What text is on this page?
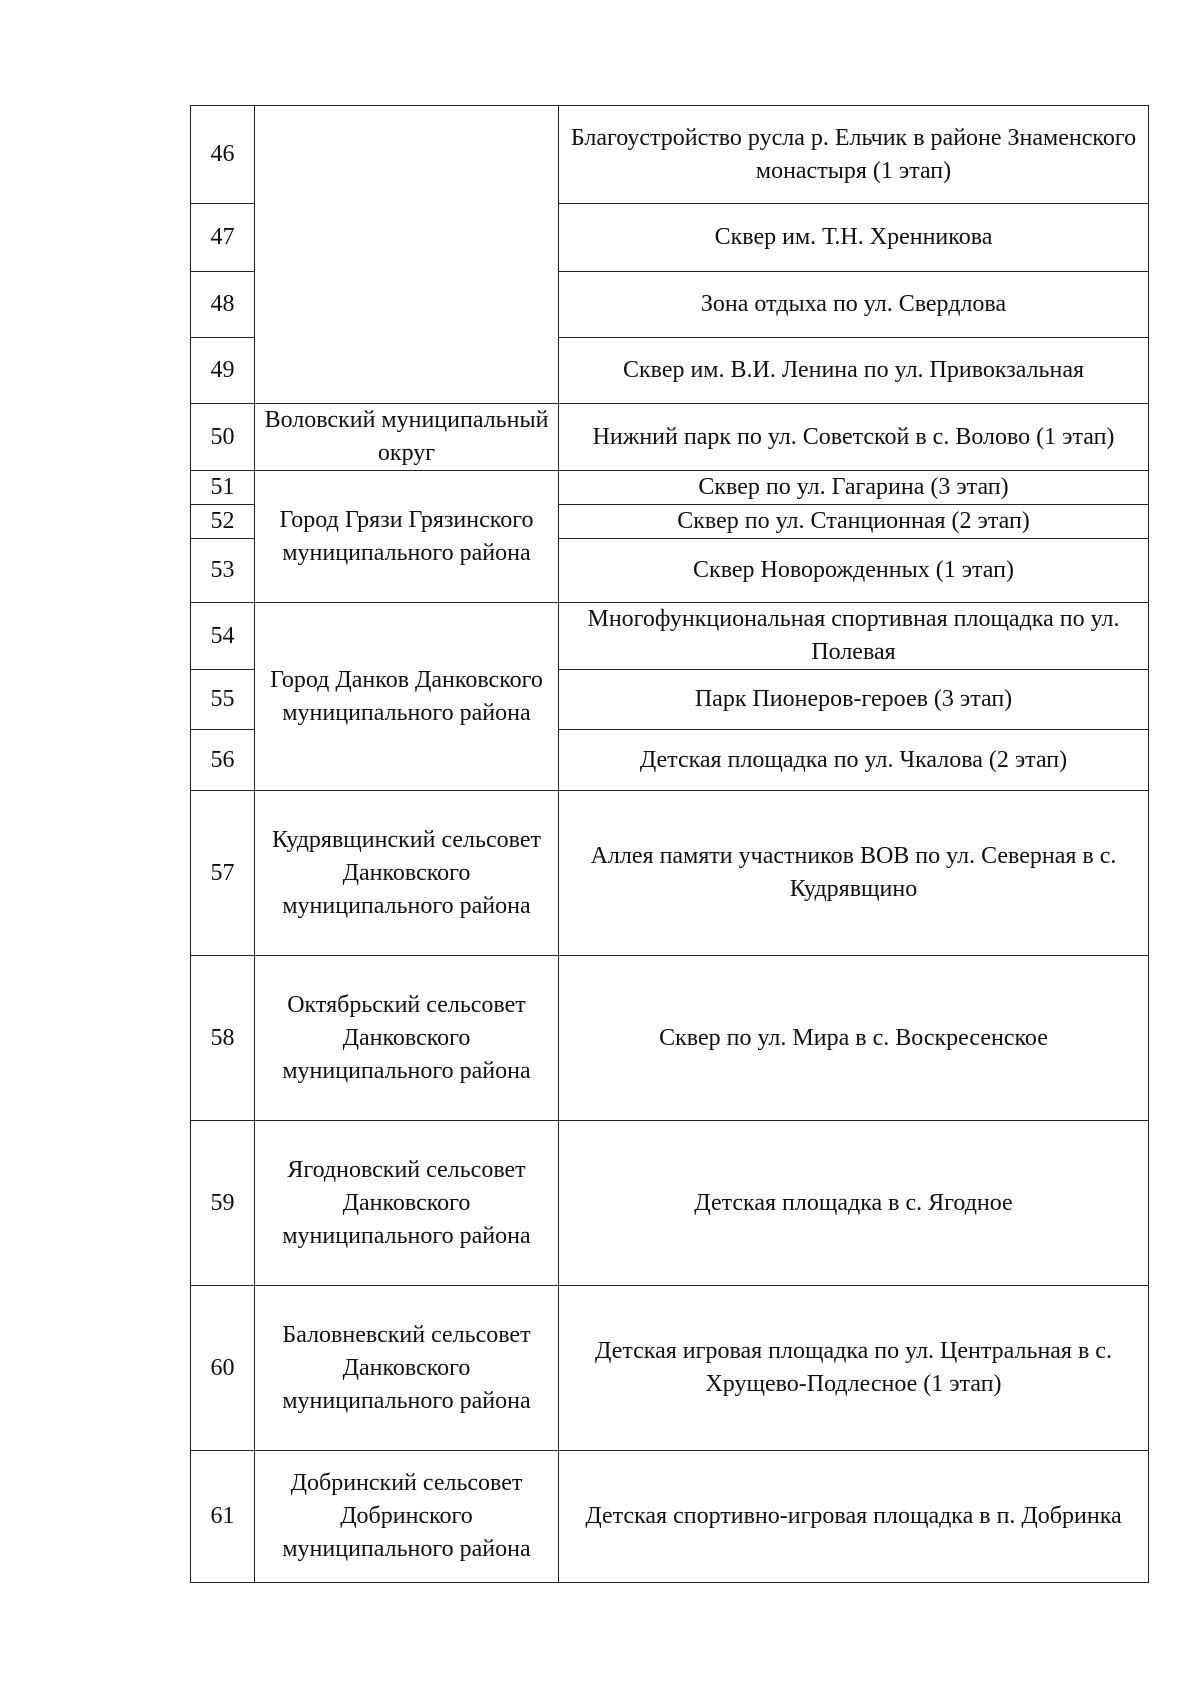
46		Благоустройство русла р. Ельчик в районе Знаменского монастыря (1 этап)
47		Сквер им. Т.Н. Хренникова
48		Зона отдыха по ул. Свердлова
49		Сквер им. В.И. Ленина по ул. Привокзальная
50	Воловский муниципальный округ	Нижний парк по ул. Советской в с. Волово (1 этап)
51	Город Грязи Грязинского муниципального района	Сквер по ул. Гагарина (3 этап)
52		Сквер по ул. Станционная (2 этап)
53		Сквер Новорожденных (1 этап)
54	Город Данков Данковского муниципального района	Многофункциональная спортивная площадка по ул. Полевая
55		Парк Пионеров-героев (3 этап)
56		Детская площадка по ул. Чкалова (2 этап)
57	Кудрявщинский сельсовет Данковского муниципального района	Аллея памяти участников ВОВ по ул. Северная в с. Кудрявщино
58	Октябрьский сельсовет Данковского муниципального района	Сквер по ул. Мира в с. Воскресенское
59	Ягодновский сельсовет Данковского муниципального района	Детская площадка в с. Ягодное
60	Баловневский сельсовет Данковского муниципального района	Детская игровая площадка по ул. Центральная в с. Хрущево-Подлесное (1 этап)
61	Добринский сельсовет Добринского муниципального района	Детская спортивно-игровая площадка в п. Добринка
